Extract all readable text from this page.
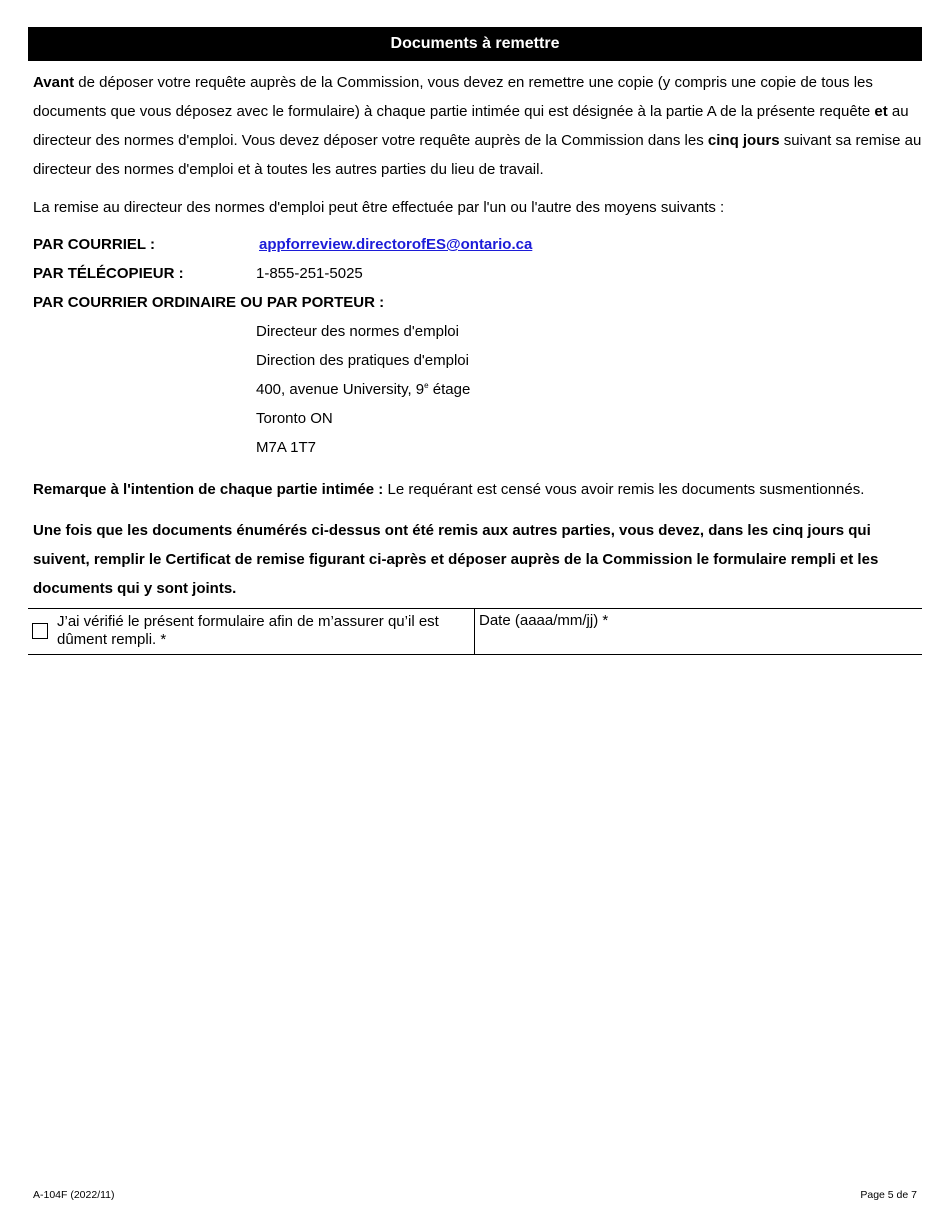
Documents à remettre

Avant de déposer votre requête auprès de la Commission, vous devez en remettre une copie (y compris une copie de tous les documents que vous déposez avec le formulaire) à chaque partie intimée qui est désignée à la partie A de la présente requête et au directeur des normes d'emploi. Vous devez déposer votre requête auprès de la Commission dans les cinq jours suivant sa remise au directeur des normes d'emploi et à toutes les autres parties du lieu de travail.

La remise au directeur des normes d'emploi peut être effectuée par l'un ou l'autre des moyens suivants :

PAR COURRIEL :	appforreview.directorofES@ontario.ca
PAR TÉLÉCOPIEUR :	1-855-251-5025
PAR COURRIER ORDINAIRE OU PAR PORTEUR :
Directeur des normes d'emploi
Direction des pratiques d'emploi
400, avenue University, 9e étage
Toronto ON
M7A 1T7

Remarque à l'intention de chaque partie intimée : Le requérant est censé vous avoir remis les documents susmentionnés.

Une fois que les documents énumérés ci-dessus ont été remis aux autres parties, vous devez, dans les cinq jours qui suivent, remplir le Certificat de remise figurant ci-après et déposer auprès de la Commission le formulaire rempli et les documents qui y sont joints.

J’ai vérifié le présent formulaire afin de m’assurer qu’il est dûment rempli. *
Date (aaaa/mm/jj) *
A-104F (2022/11)	Page 5 de 7
